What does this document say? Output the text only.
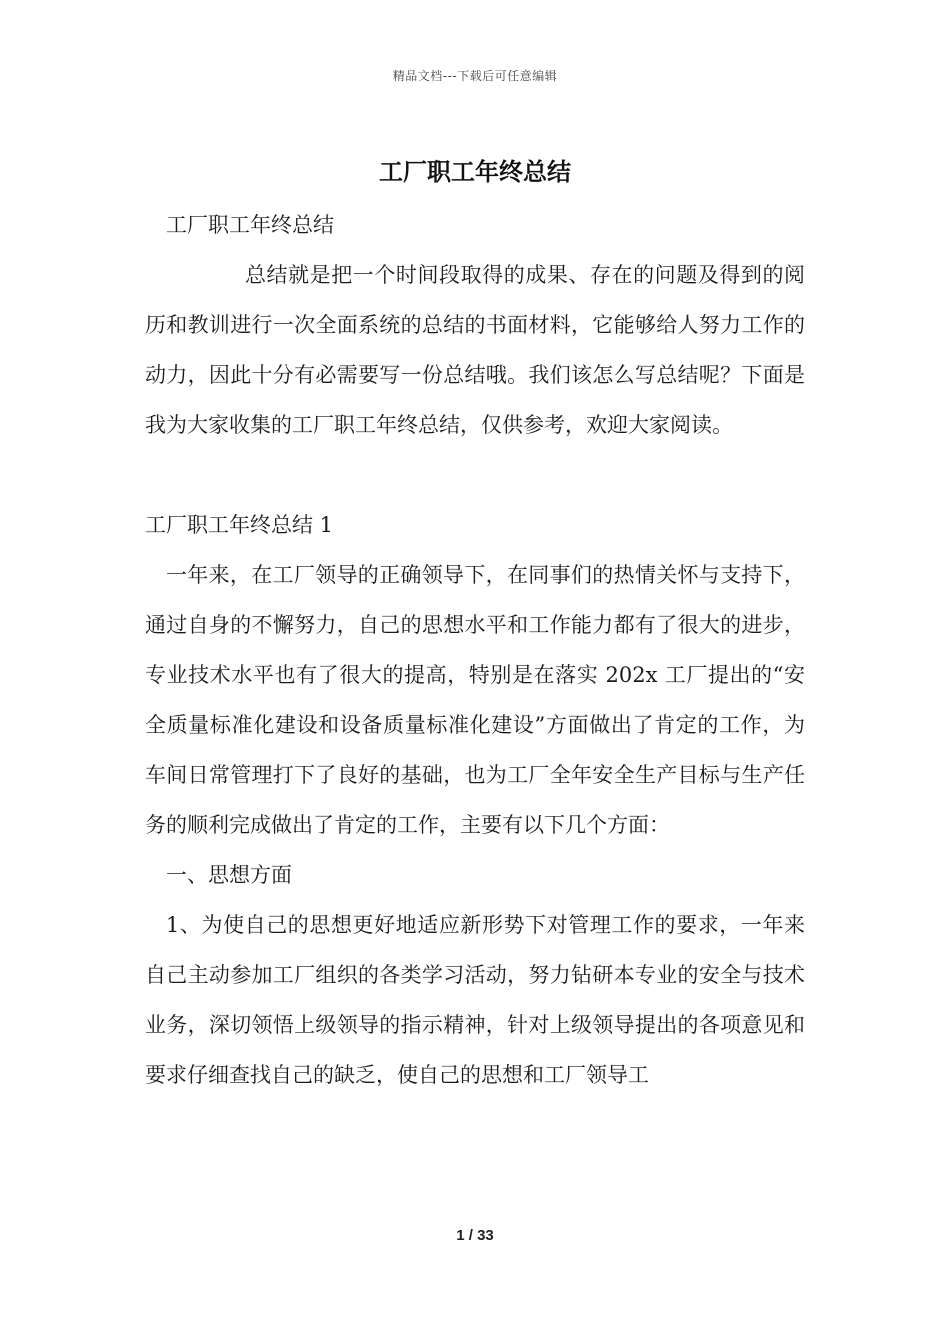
精品文档---下载后可任意编辑
工厂职工年终总结

工厂职工年终总结

总结就是把一个时间段取得的成果、存在的问题及得到的阅历和教训进行一次全面系统的总结的书面材料，它能够给人努力工作的动力，因此十分有必需要写一份总结哦。我们该怎么写总结呢？下面是我为大家收集的工厂职工年终总结，仅供参考，欢迎大家阅读。

工厂职工年终总结 1

一年来，在工厂领导的正确领导下，在同事们的热情关怀与支持下，通过自身的不懈努力，自己的思想水平和工作能力都有了很大的进步，专业技术水平也有了很大的提高，特别是在落实 202x 工厂提出的“安全质量标准化建设和设备质量标准化建设”方面做出了肯定的工作，为车间日常管理打下了良好的基础，也为工厂全年安全生产目标与生产任务的顺利完成做出了肯定的工作，主要有以下几个方面：

一、思想方面

1、为使自己的思想更好地适应新形势下对管理工作的要求，一年来自己主动参加工厂组织的各类学习活动，努力钻研本专业的安全与技术业务，深切领悟上级领导的指示精神，针对上级领导提出的各项意见和要求仔细查找自己的缺乏，使自己的思想和工厂领导工

1 / 33
